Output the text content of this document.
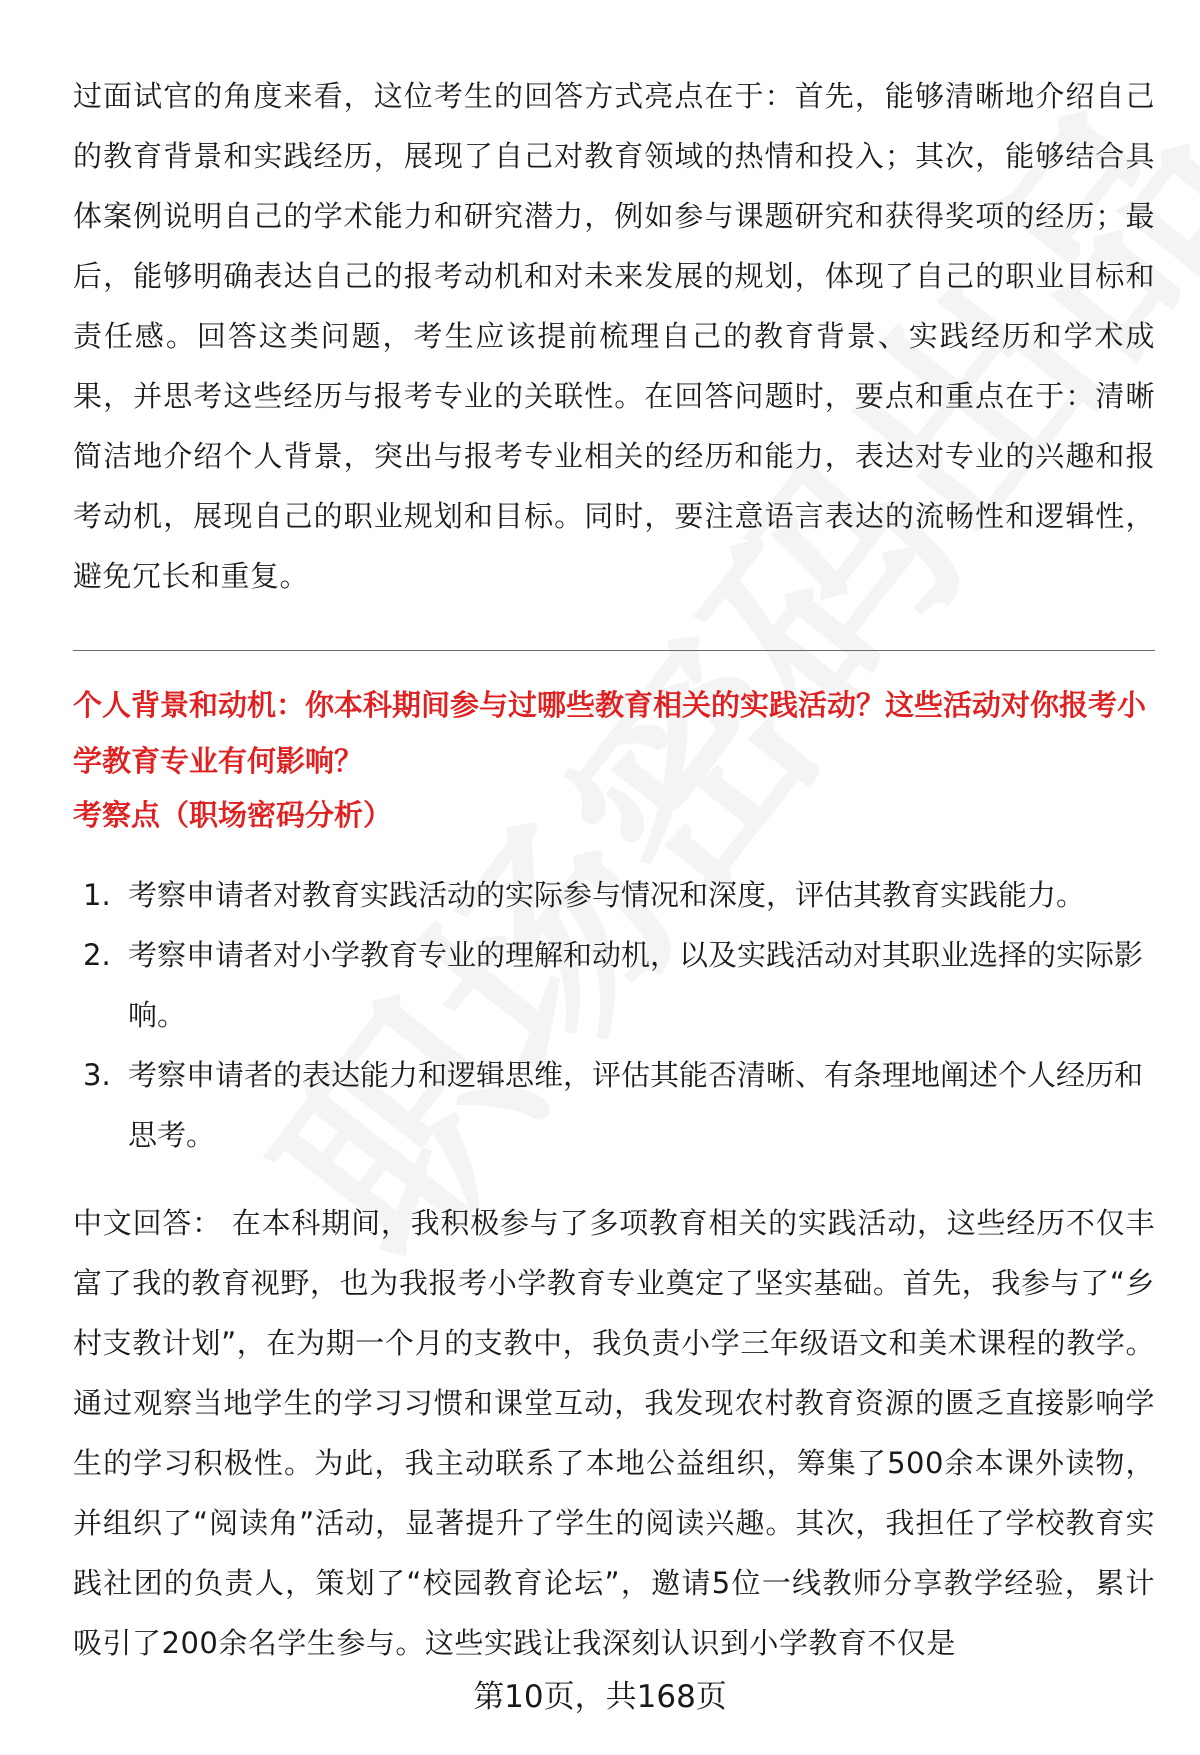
过面试官的角度来看，这位考生的回答方式亮点在于：首先，能够清晰地介绍自己的教育背景和实践经历，展现了自己对教育领域的热情和投入；其次，能够结合具体案例说明自己的学术能力和研究潜力，例如参与课题研究和获得奖项的经历；最后，能够明确表达自己的报考动机和对未来发展的规划，体现了自己的职业目标和责任感。回答这类问题，考生应该提前梳理自己的教育背景、实践经历和学术成果，并思考这些经历与报考专业的关联性。在回答问题时，要点和重点在于：清晰简洁地介绍个人背景，突出与报考专业相关的经历和能力，表达对专业的兴趣和报考动机，展现自己的职业规划和目标。同时，要注意语言表达的流畅性和逻辑性，避免冗长和重复。

个人背景和动机：你本科期间参与过哪些教育相关的实践活动？这些活动对你报考小学教育专业有何影响？

考察点（职场密码分析）

1. 考察申请者对教育实践活动的实际参与情况和深度，评估其教育实践能力。
2. 考察申请者对小学教育专业的理解和动机，以及实践活动对其职业选择的实际影响。
3. 考察申请者的表达能力和逻辑思维，评估其能否清晰、有条理地阐述个人经历和思考。

中文回答： 在本科期间，我积极参与了多项教育相关的实践活动，这些经历不仅丰富了我的教育视野，也为我报考小学教育专业奠定了坚实基础。首先，我参与了“乡村支教计划”，在为期一个月的支教中，我负责小学三年级语文和美术课程的教学。通过观察当地学生的学习习惯和课堂互动，我发现农村教育资源的匮乏直接影响学生的学习积极性。为此，我主动联系了本地公益组织，筹集了500余本课外读物，并组织了“阅读角”活动，显著提升了学生的阅读兴趣。其次，我担任了学校教育实践社团的负责人，策划了“校园教育论坛”，邀请5位一线教师分享教学经验，累计吸引了200余名学生参与。这些实践让我深刻认识到小学教育不仅是

第10页，共168页
